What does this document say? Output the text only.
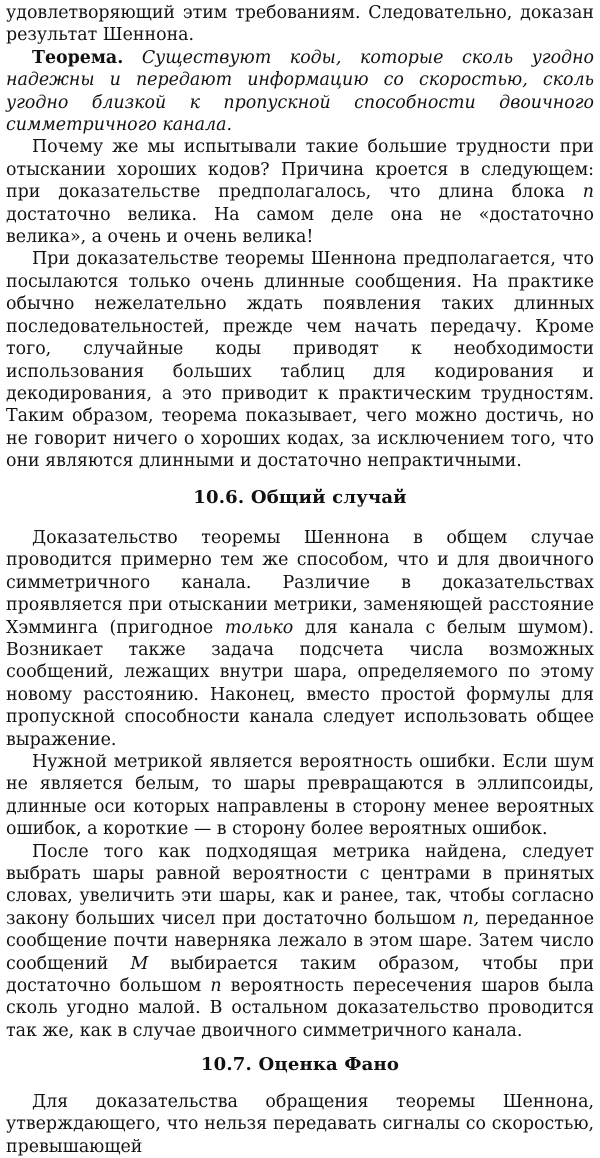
удовлетворяющий этим требованиям. Следовательно, доказан результат Шеннона.

Теорема. Существуют коды, которые сколь угодно надежны и передают информацию со скоростью, сколь угодно близкой к пропускной способности двоичного симметричного канала.

Почему же мы испытывали такие большие трудности при отыскании хороших кодов? Причина кроется в следующем: при доказательстве предполагалось, что длина блока n достаточно велика. На самом деле она не «достаточно велика», а очень и очень велика!

При доказательстве теоремы Шеннона предполагается, что посылаются только очень длинные сообщения. На практике обычно нежелательно ждать появления таких длинных последовательностей, прежде чем начать передачу. Кроме того, случайные коды приводят к необходимости использования больших таблиц для кодирования и декодирования, а это приводит к практическим трудностям. Таким образом, теорема показывает, чего можно достичь, но не говорит ничего о хороших кодах, за исключением того, что они являются длинными и достаточно непрактичными.

10.6. Общий случай

Доказательство теоремы Шеннона в общем случае проводится примерно тем же способом, что и для двоичного симметричного канала. Различие в доказательствах проявляется при отыскании метрики, заменяющей расстояние Хэмминга (пригодное только для канала с белым шумом). Возникает также задача подсчета числа возможных сообщений, лежащих внутри шара, определяемого по этому новому расстоянию. Наконец, вместо простой формулы для пропускной способности канала следует использовать общее выражение.

Нужной метрикой является вероятность ошибки. Если шум не является белым, то шары превращаются в эллипсоиды, длинные оси которых направлены в сторону менее вероятных ошибок, а короткие — в сторону более вероятных ошибок.

После того как подходящая метрика найдена, следует выбрать шары равной вероятности с центрами в принятых словах, увеличить эти шары, как и ранее, так, чтобы согласно закону больших чисел при достаточно большом n, переданное сообщение почти наверняка лежало в этом шаре. Затем число сообщений M выбирается таким образом, чтобы при достаточно большом n вероятность пересечения шаров была сколь угодно малой. В остальном доказательство проводится так же, как в случае двоичного симметричного канала.

10.7. Оценка Фано

Для доказательства обращения теоремы Шеннона, утверждающего, что нельзя передавать сигналы со скоростью, превышающей
